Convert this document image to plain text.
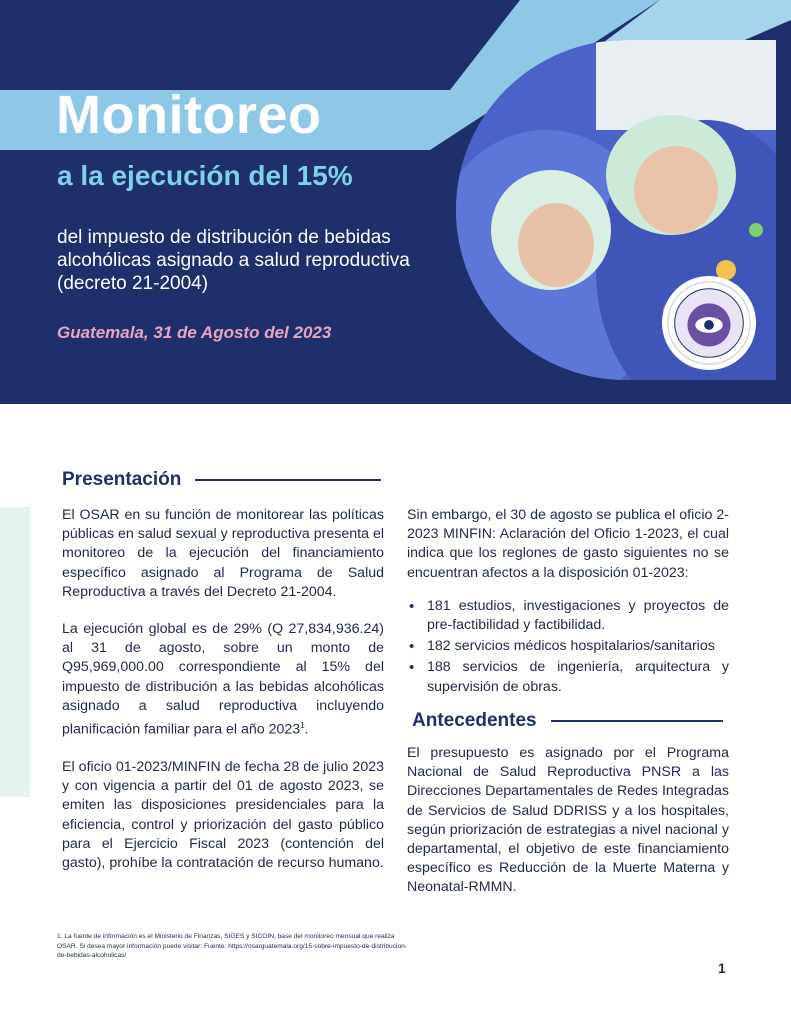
Monitoreo
a la ejecución del 15%

del impuesto de distribución de bebidas alcohólicas asignado a salud reproductiva (decreto 21-2004)

Guatemala, 31 de Agosto del 2023

Presentación

El OSAR en su función de monitorear las políticas públicas en salud sexual y reproductiva presenta el monitoreo de la ejecución del financiamiento específico asignado al Programa de Salud Reproductiva a través del Decreto 21-2004.

La ejecución global es de 29% (Q 27,834,936.24) al 31 de agosto, sobre un monto de Q95,969,000.00 correspondiente al 15% del impuesto de distribución a las bebidas alcohólicas asignado a salud reproductiva incluyendo planificación familiar para el año 2023$^1$.

El oficio 01-2023/MINFIN de fecha 28 de julio 2023 y con vigencia a partir del 01 de agosto 2023, se emiten las disposiciones presidenciales para la eficiencia, control y priorización del gasto público para el Ejercicio Fiscal 2023 (contención del gasto), prohíbe la contratación de recurso humano.

Sin embargo, el 30 de agosto se publica el oficio 2-2023 MINFIN: Aclaración del Oficio 1-2023, el cual indica que los reglones de gasto siguientes no se encuentran afectos a la disposición 01-2023:

• 181 estudios, investigaciones y proyectos de pre-factibilidad y factibilidad.
• 182 servicios médicos hospitalarios/sanitarios
• 188 servicios de ingeniería, arquitectura y supervisión de obras.
Antecedentes

El presupuesto es asignado por el Programa Nacional de Salud Reproductiva PNSR a las Direcciones Departamentales de Redes Integradas de Servicios de Salud DDRISS y a los hospitales, según priorización de estrategias a nivel nacional y departamental, el objetivo de este financiamiento específico es Reducción de la Muerte Materna y Neonatal-RMMN.

1. La fuente de información es el Ministerio de Finanzas, SIGES y SICOIN, base del monitoreo mensual que realiza OSAR. Si desea mayor información puede visitar: Fuente: https://osarguatemala.org/15-sobre-impuesto-de-distribucion-de-bebidas-alcoholicas/
1
